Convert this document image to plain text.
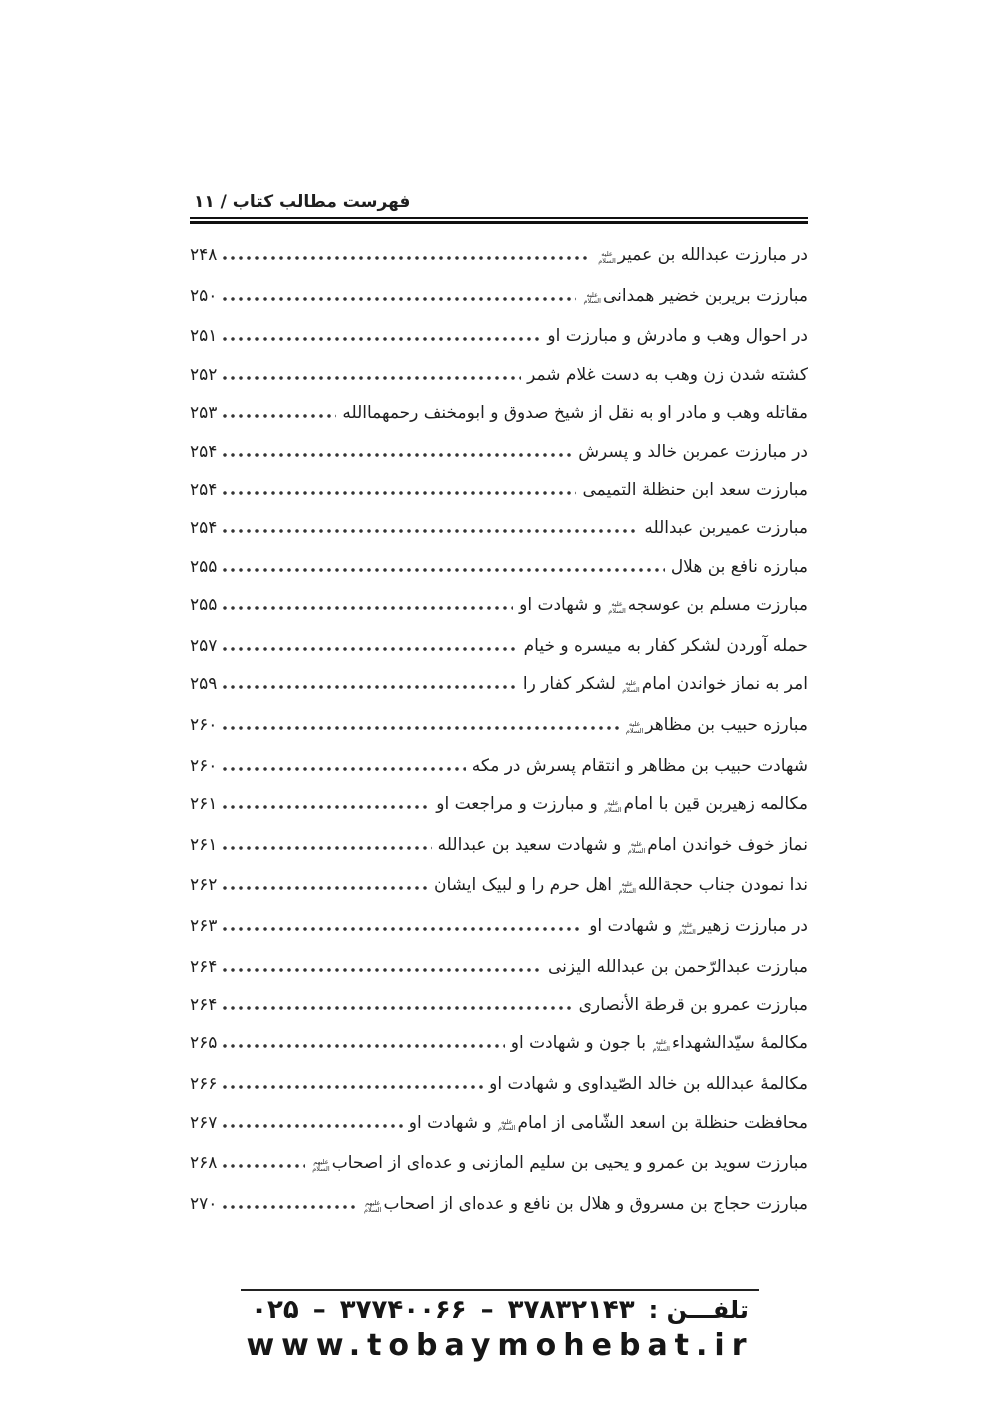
فهرست مطالب کتاب / ۱۱
در مبارزت عبدالله بن عمیر
علیه
السلام
۲۴۸
مبارزت بریربن خضیر همدانی
علیه
السلام
۲۵۰
در احوال وهب و مادرش و مبارزت او
۲۵۱
کشته شدن زن وهب به دست غلام شمر
۲۵۲
مقاتله وهب و مادر او به نقل از شیخ صدوق و ابومخنف رحمهماالله
۲۵۳
در مبارزت عمربن خالد و پسرش
۲۵۴
مبارزت سعد ابن حنظلة التمیمی
۲۵۴
مبارزت عمیربن عبدالله
۲۵۴
مبارزه نافع بن هلال
۲۵۵
مبارزت مسلم بن عوسجه
علیه
السلام
و شهادت او
۲۵۵
حمله آوردن لشکر کفار به میسره و خیام
۲۵۷
امر به نماز خواندن امام
علیه
السلام
لشکر کفار را
۲۵۹
مبارزه حبیب بن مظاهر
علیه
السلام
۲۶۰
شهادت حبیب بن مظاهر و انتقام پسرش در مکه
۲۶۰
مکالمه زهیربن قین با امام
علیه
السلام
و مبارزت و مراجعت او
۲۶۱
نماز خوف خواندن امام
علیه
السلام
و شهادت سعید بن عبدالله
۲۶۱
ندا نمودن جناب حجةالله
علیه
السلام
اهل حرم را و لبیک ایشان
۲۶۲
در مبارزت زهیر
علیه
السلام
و شهادت او
۲۶۳
مبارزت عبدالرّحمن بن عبدالله الیزنی
۲۶۴
مبارزت عمرو بن قرطة الأنصاری
۲۶۴
مکالمهٔ سیّدالشهداء
علیه
السلام
با جون و شهادت او
۲۶۵
مکالمهٔ عبدالله بن خالد الصّیداوی و شهادت او
۲۶۶
محافظت حنظلة بن اسعد الشّامی از امام
علیه
السلام
و شهادت او
۲۶۷
مبارزت سوید بن عمرو و یحیی بن سلیم المازنی و عده‌ای از اصحاب
علیهم
السلام
۲۶۸
مبارزت حجاج بن مسروق و هلال بن نافع و عده‌ای از اصحاب
علیهم
السلام
۲۷۰
تلفـــن :
۳۷۸۳۲۱۴۳
–
۳۷۷۴۰۰۶۶
–
۰۲۵
www.tobaymohebat.ir
